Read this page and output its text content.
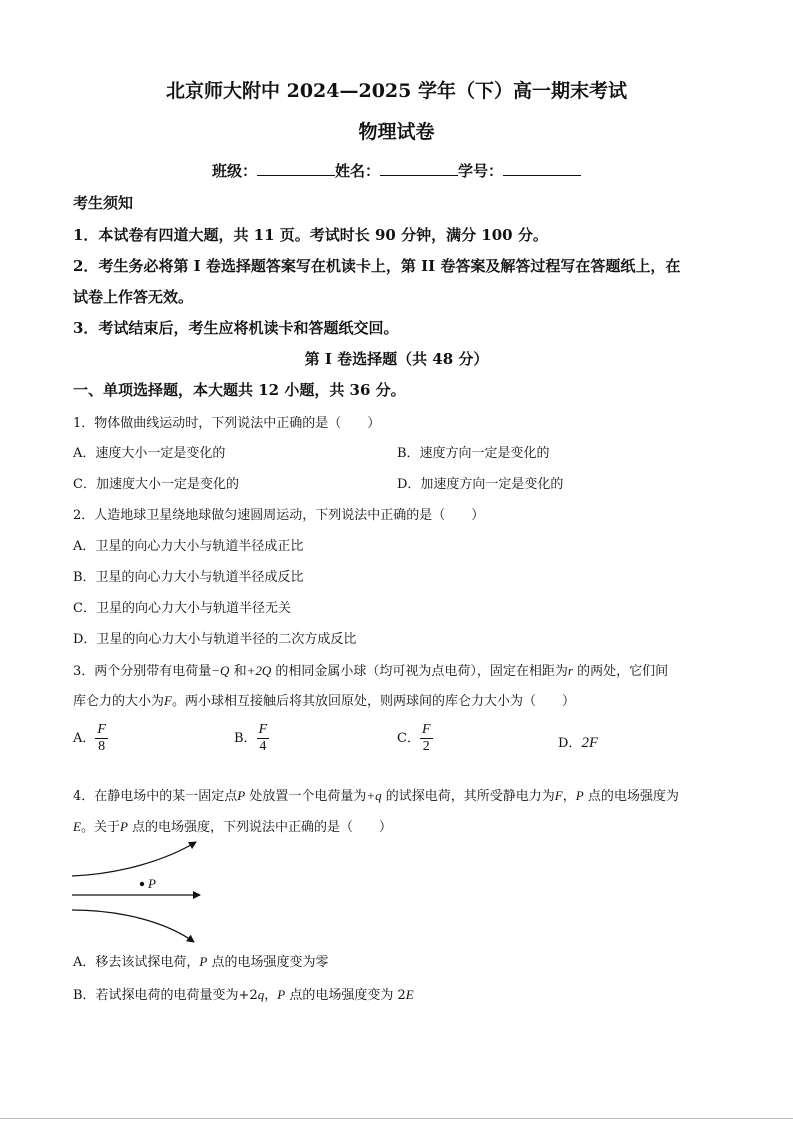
北京师大附中 2024—2025 学年（下）高一期末考试
物理试卷
班级：	姓名：	学号：
考生须知
1．本试卷有四道大题，共 11 页。考试时长 90 分钟，满分 100 分。
2．考生务必将第 I 卷选择题答案写在机读卡上，第 II 卷答案及解答过程写在答题纸上，在
试卷上作答无效。
3．考试结束后，考生应将机读卡和答题纸交回。
第 I 卷选择题（共 48 分）
一、单项选择题，本大题共 12 小题，共 36 分。
1．物体做曲线运动时，下列说法中正确的是（　　）
A．速度大小一定是变化的	B．速度方向一定是变化的
C．加速度大小一定是变化的	D．加速度方向一定是变化的
2．人造地球卫星绕地球做匀速圆周运动，下列说法中正确的是（　　）
A．卫星的向心力大小与轨道半径成正比
B．卫星的向心力大小与轨道半径成反比
C．卫星的向心力大小与轨道半径无关
D．卫星的向心力大小与轨道半径的二次方成反比
3．两个分别带有电荷量−Q 和+2Q 的相同金属小球（均可视为点电荷），固定在相距为r 的两处，它们间
库仑力的大小为F。两小球相互接触后将其放回原处，则两球间的库仑力大小为（　　）
A． $\frac{F}{8}$	B． $\frac{F}{4}$	C． $\frac{F}{2}$	D．2F
4．在静电场中的某一固定点P 处放置一个电荷量为+q 的试探电荷，其所受静电力为F，P 点的电场强度为
E。关于P 点的电场强度，下列说法中正确的是（　　）
P
A．移去该试探电荷，P 点的电场强度变为零
B．若试探电荷的电荷量变为+2q，P 点的电场强度变为 2E
